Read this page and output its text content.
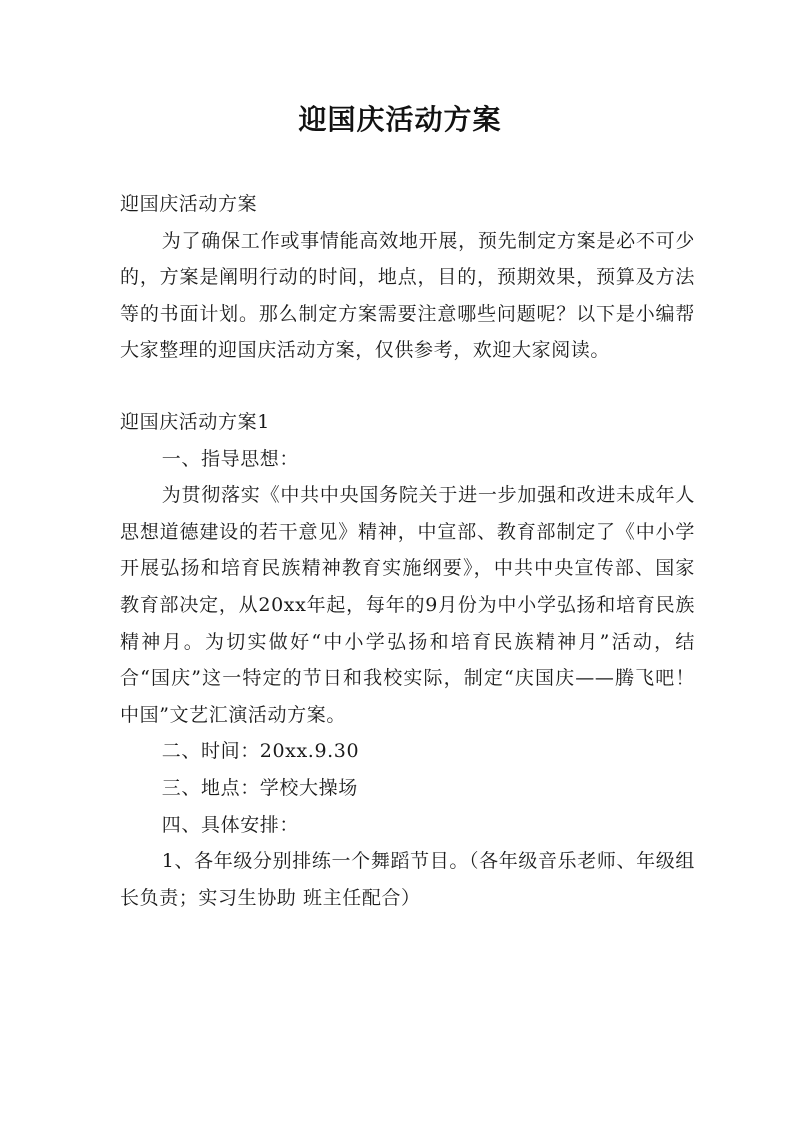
迎国庆活动方案

迎国庆活动方案

为了确保工作或事情能高效地开展，预先制定方案是必不可少的，方案是阐明行动的时间，地点，目的，预期效果，预算及方法等的书面计划。那么制定方案需要注意哪些问题呢？以下是小编帮大家整理的迎国庆活动方案，仅供参考，欢迎大家阅读。

迎国庆活动方案1

一、指导思想：

为贯彻落实《中共中央国务院关于进一步加强和改进未成年人思想道德建设的若干意见》精神，中宣部、教育部制定了《中小学开展弘扬和培育民族精神教育实施纲要》，中共中央宣传部、国家教育部决定，从20xx年起，每年的9月份为中小学弘扬和培育民族精神月。为切实做好“中小学弘扬和培育民族精神月”活动，结合“国庆”这一特定的节日和我校实际，制定“庆国庆——腾飞吧！中国”文艺汇演活动方案。

二、时间：20xx.9.30

三、地点：学校大操场

四、具体安排：

1、各年级分别排练一个舞蹈节目。（各年级音乐老师、年级组长负责；实习生协助 班主任配合）
